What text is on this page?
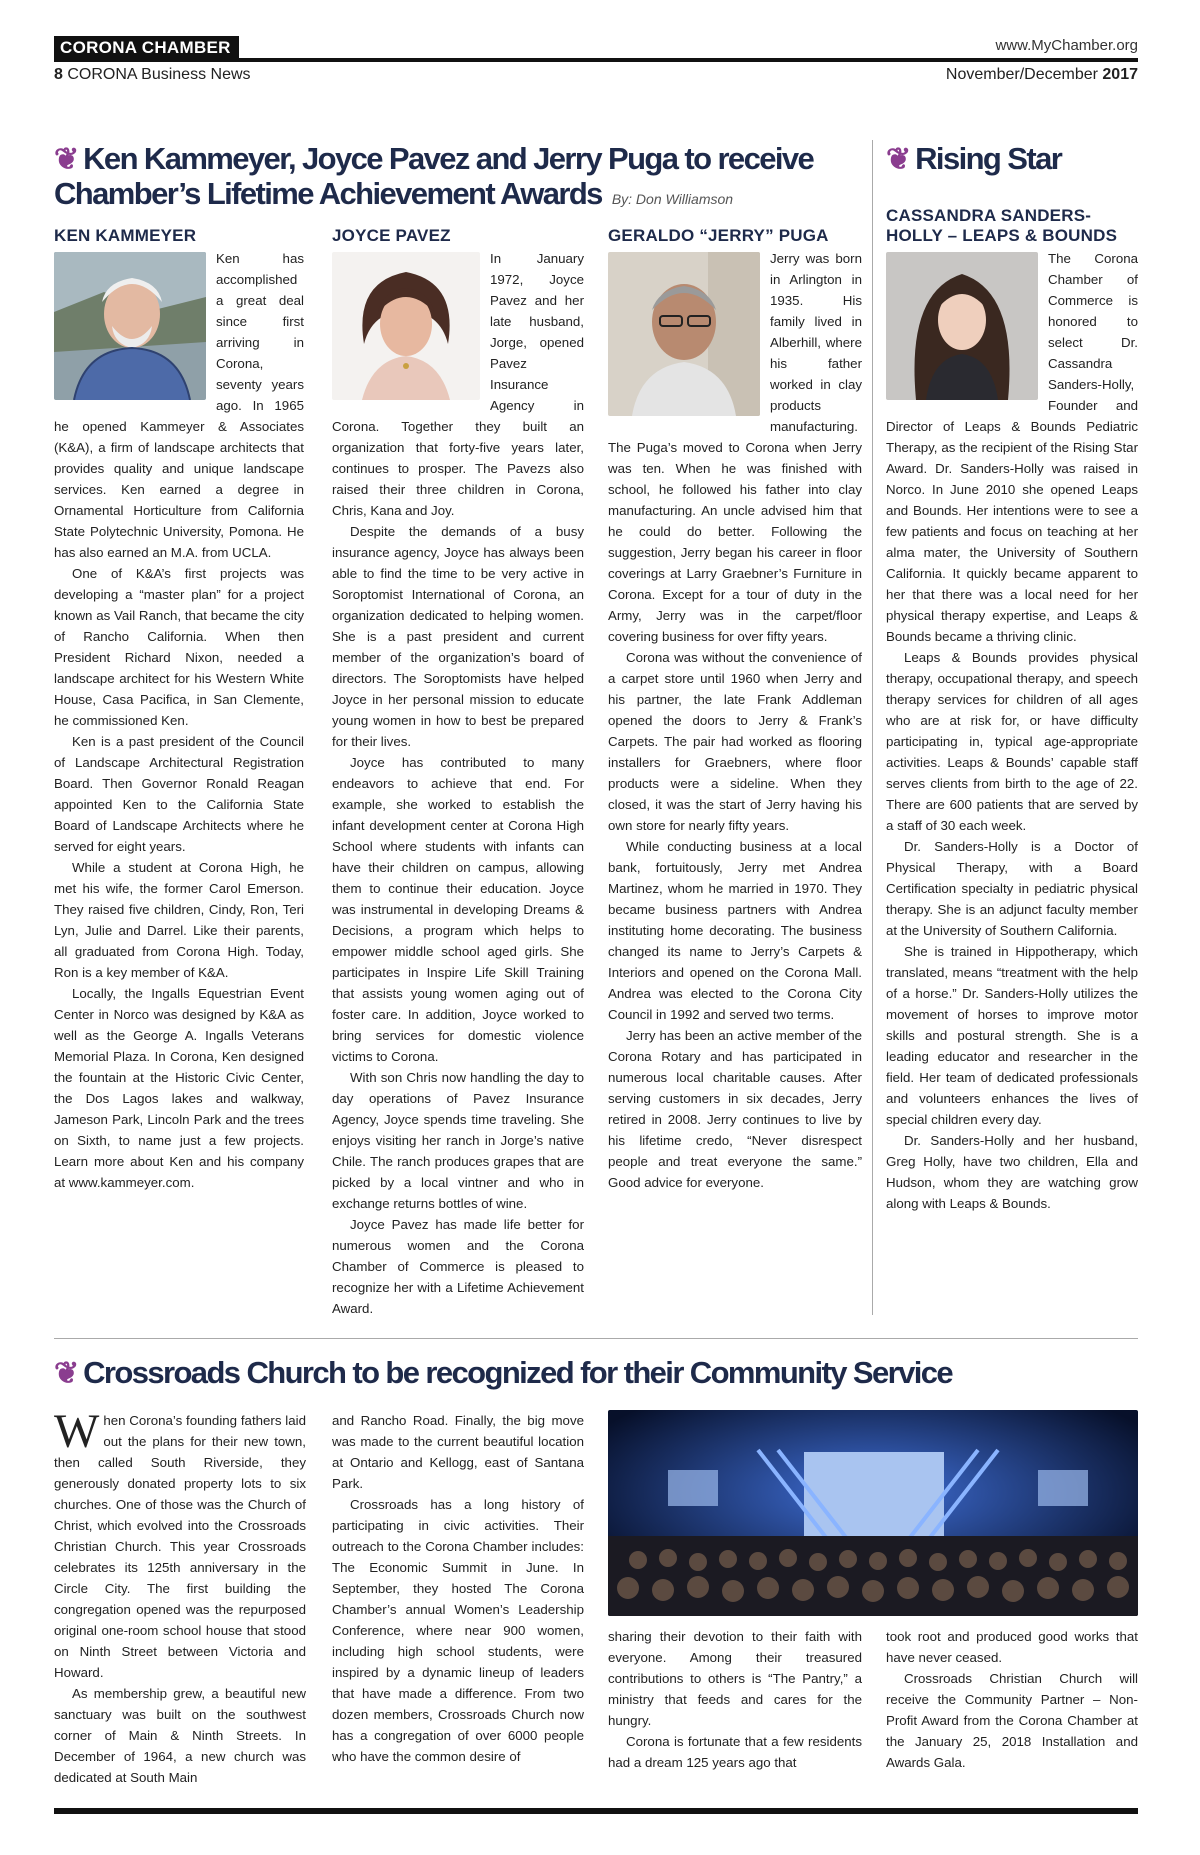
CORONA CHAMBER	www.MyChamber.org
8 CORONA Business News	November/December 2017
❦ Ken Kammeyer, Joyce Pavez and Jerry Puga to receive
Chamber’s Lifetime Achievement Awards By: Don Williamson
KEN KAMMEYER

Ken has accomplished a great deal since first arriving in Corona, seventy years ago. In 1965 he opened Kammeyer & Associates (K&A), a firm of landscape architects that provides quality and unique landscape services. Ken earned a degree in Ornamental Horticulture from California State Polytechnic University, Pomona. He has also earned an M.A. from UCLA.

One of K&A’s first projects was developing a “master plan” for a project known as Vail Ranch, that became the city of Rancho California. When then President Richard Nixon, needed a landscape architect for his Western White House, Casa Pacifica, in San Clemente, he commissioned Ken.

Ken is a past president of the Council of Landscape Architectural Registration Board. Then Governor Ronald Reagan appointed Ken to the California State Board of Landscape Architects where he served for eight years.

While a student at Corona High, he met his wife, the former Carol Emerson. They raised five children, Cindy, Ron, Teri Lyn, Julie and Darrel. Like their parents, all graduated from Corona High. Today, Ron is a key member of K&A.

Locally, the Ingalls Equestrian Event Center in Norco was designed by K&A as well as the George A. Ingalls Veterans Memorial Plaza. In Corona, Ken designed the fountain at the Historic Civic Center, the Dos Lagos lakes and walkway, Jameson Park, Lincoln Park and the trees on Sixth, to name just a few projects. Learn more about Ken and his company at www.kammeyer.com.

JOYCE PAVEZ

In January 1972, Joyce Pavez and her late husband, Jorge, opened Pavez Insurance Agency in Corona. Together they built an organization that forty-five years later, continues to prosper. The Pavezs also raised their three children in Corona, Chris, Kana and Joy.

Despite the demands of a busy insurance agency, Joyce has always been able to find the time to be very active in Soroptomist International of Corona, an organization dedicated to helping women. She is a past president and current member of the organization’s board of directors. The Soroptomists have helped Joyce in her personal mission to educate young women in how to best be prepared for their lives.

Joyce has contributed to many endeavors to achieve that end. For example, she worked to establish the infant development center at Corona High School where students with infants can have their children on campus, allowing them to continue their education. Joyce was instrumental in developing Dreams & Decisions, a program which helps to empower middle school aged girls. She participates in Inspire Life Skill Training that assists young women aging out of foster care. In addition, Joyce worked to bring services for domestic violence victims to Corona.

With son Chris now handling the day to day operations of Pavez Insurance Agency, Joyce spends time traveling. She enjoys visiting her ranch in Jorge’s native Chile. The ranch produces grapes that are picked by a local vintner and who in exchange returns bottles of wine.

Joyce Pavez has made life better for numerous women and the Corona Chamber of Commerce is pleased to recognize her with a Lifetime Achievement Award.

GERALDO “JERRY” PUGA

Jerry was born in Arlington in 1935. His family lived in Alberhill, where his father worked in clay products manufacturing. The Puga’s moved to Corona when Jerry was ten. When he was finished with school, he followed his father into clay manufacturing. An uncle advised him that he could do better. Following the suggestion, Jerry began his career in floor coverings at Larry Graebner’s Furniture in Corona. Except for a tour of duty in the Army, Jerry was in the carpet/floor covering business for over fifty years.

Corona was without the convenience of a carpet store until 1960 when Jerry and his partner, the late Frank Addleman opened the doors to Jerry & Frank’s Carpets. The pair had worked as flooring installers for Graebners, where floor products were a sideline. When they closed, it was the start of Jerry having his own store for nearly fifty years.

While conducting business at a local bank, fortuitously, Jerry met Andrea Martinez, whom he married in 1970. They became business partners with Andrea instituting home decorating. The business changed its name to Jerry’s Carpets & Interiors and opened on the Corona Mall. Andrea was elected to the Corona City Council in 1992 and served two terms.

Jerry has been an active member of the Corona Rotary and has participated in numerous local charitable causes. After serving customers in six decades, Jerry retired in 2008. Jerry continues to live by his lifetime credo, “Never disrespect people and treat everyone the same.” Good advice for everyone.

❦ Rising Star
CASSANDRA SANDERS-HOLLY – LEAPS & BOUNDS

The Corona Chamber of Commerce is honored to select Dr. Cassandra Sanders-Holly, Founder and Director of Leaps & Bounds Pediatric Therapy, as the recipient of the Rising Star Award. Dr. Sanders-Holly was raised in Norco. In June 2010 she opened Leaps and Bounds. Her intentions were to see a few patients and focus on teaching at her alma mater, the University of Southern California. It quickly became apparent to her that there was a local need for her physical therapy expertise, and Leaps & Bounds became a thriving clinic.

Leaps & Bounds provides physical therapy, occupational therapy, and speech therapy services for children of all ages who are at risk for, or have difficulty participating in, typical age-appropriate activities. Leaps & Bounds’ capable staff serves clients from birth to the age of 22. There are 600 patients that are served by a staff of 30 each week.

Dr. Sanders-Holly is a Doctor of Physical Therapy, with a Board Certification specialty in pediatric physical therapy. She is an adjunct faculty member at the University of Southern California.

She is trained in Hippotherapy, which translated, means “treatment with the help of a horse.” Dr. Sanders-Holly utilizes the movement of horses to improve motor skills and postural strength. She is a leading educator and researcher in the field. Her team of dedicated professionals and volunteers enhances the lives of special children every day.

Dr. Sanders-Holly and her husband, Greg Holly, have two children, Ella and Hudson, whom they are watching grow along with Leaps & Bounds.

❦ Crossroads Church to be recognized for their Community Service

When Corona’s founding fathers laid out the plans for their new town, then called South Riverside, they generously donated property lots to six churches. One of those was the Church of Christ, which evolved into the Crossroads Christian Church. This year Crossroads celebrates its 125th anniversary in the Circle City. The first building the congregation opened was the repurposed original one-room school house that stood on Ninth Street between Victoria and Howard.

As membership grew, a beautiful new sanctuary was built on the southwest corner of Main & Ninth Streets. In December of 1964, a new church was dedicated at South Main

and Rancho Road. Finally, the big move was made to the current beautiful location at Ontario and Kellogg, east of Santana Park.

Crossroads has a long history of participating in civic activities. Their outreach to the Corona Chamber includes: The Economic Summit in June. In September, they hosted The Corona Chamber’s annual Women’s Leadership Conference, where near 900 women, including high school students, were inspired by a dynamic lineup of leaders that have made a difference. From two dozen members, Crossroads Church now has a congregation of over 6000 people who have the common desire of

sharing their devotion to their faith with everyone. Among their treasured contributions to others is “The Pantry,” a ministry that feeds and cares for the hungry.

Corona is fortunate that a few residents had a dream 125 years ago that

took root and produced good works that have never ceased.

Crossroads Christian Church will receive the Community Partner – Non- Profit Award from the Corona Chamber at the January 25, 2018 Installation and Awards Gala.
